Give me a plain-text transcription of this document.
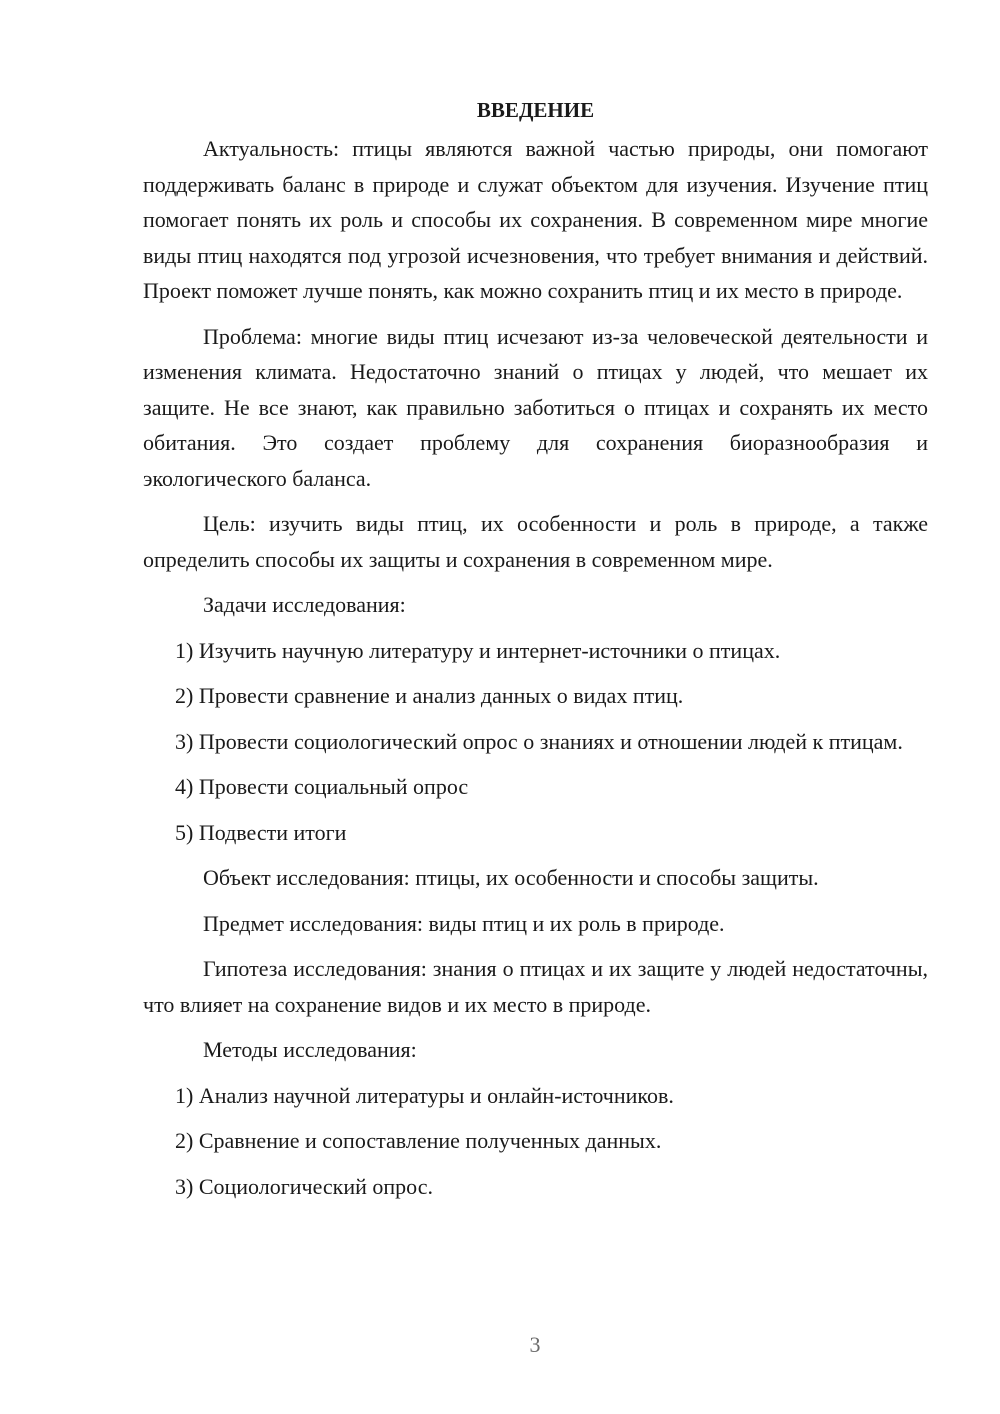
ВВЕДЕНИЕ

Актуальность: птицы являются важной частью природы, они помогают поддерживать баланс в природе и служат объектом для изучения. Изучение птиц помогает понять их роль и способы их сохранения. В современном мире многие виды птиц находятся под угрозой исчезновения, что требует внимания и действий. Проект поможет лучше понять, как можно сохранить птиц и их место в природе.

Проблема: многие виды птиц исчезают из-за человеческой деятельности и изменения климата. Недостаточно знаний о птицах у людей, что мешает их защите. Не все знают, как правильно заботиться о птицах и сохранять их место обитания. Это создает проблему для сохранения биоразнообразия и экологического баланса.

Цель: изучить виды птиц, их особенности и роль в природе, а также определить способы их защиты и сохранения в современном мире.

Задачи исследования:

1) Изучить научную литературу и интернет-источники о птицах.

2) Провести сравнение и анализ данных о видах птиц.

3) Провести социологический опрос о знаниях и отношении людей к птицам.

4) Провести социальный опрос

5) Подвести итоги

Объект исследования: птицы, их особенности и способы защиты.

Предмет исследования: виды птиц и их роль в природе.

Гипотеза исследования: знания о птицах и их защите у людей недостаточны, что влияет на сохранение видов и их место в природе.

Методы исследования:

1) Анализ научной литературы и онлайн-источников.

2) Сравнение и сопоставление полученных данных.

3) Социологический опрос.

3
